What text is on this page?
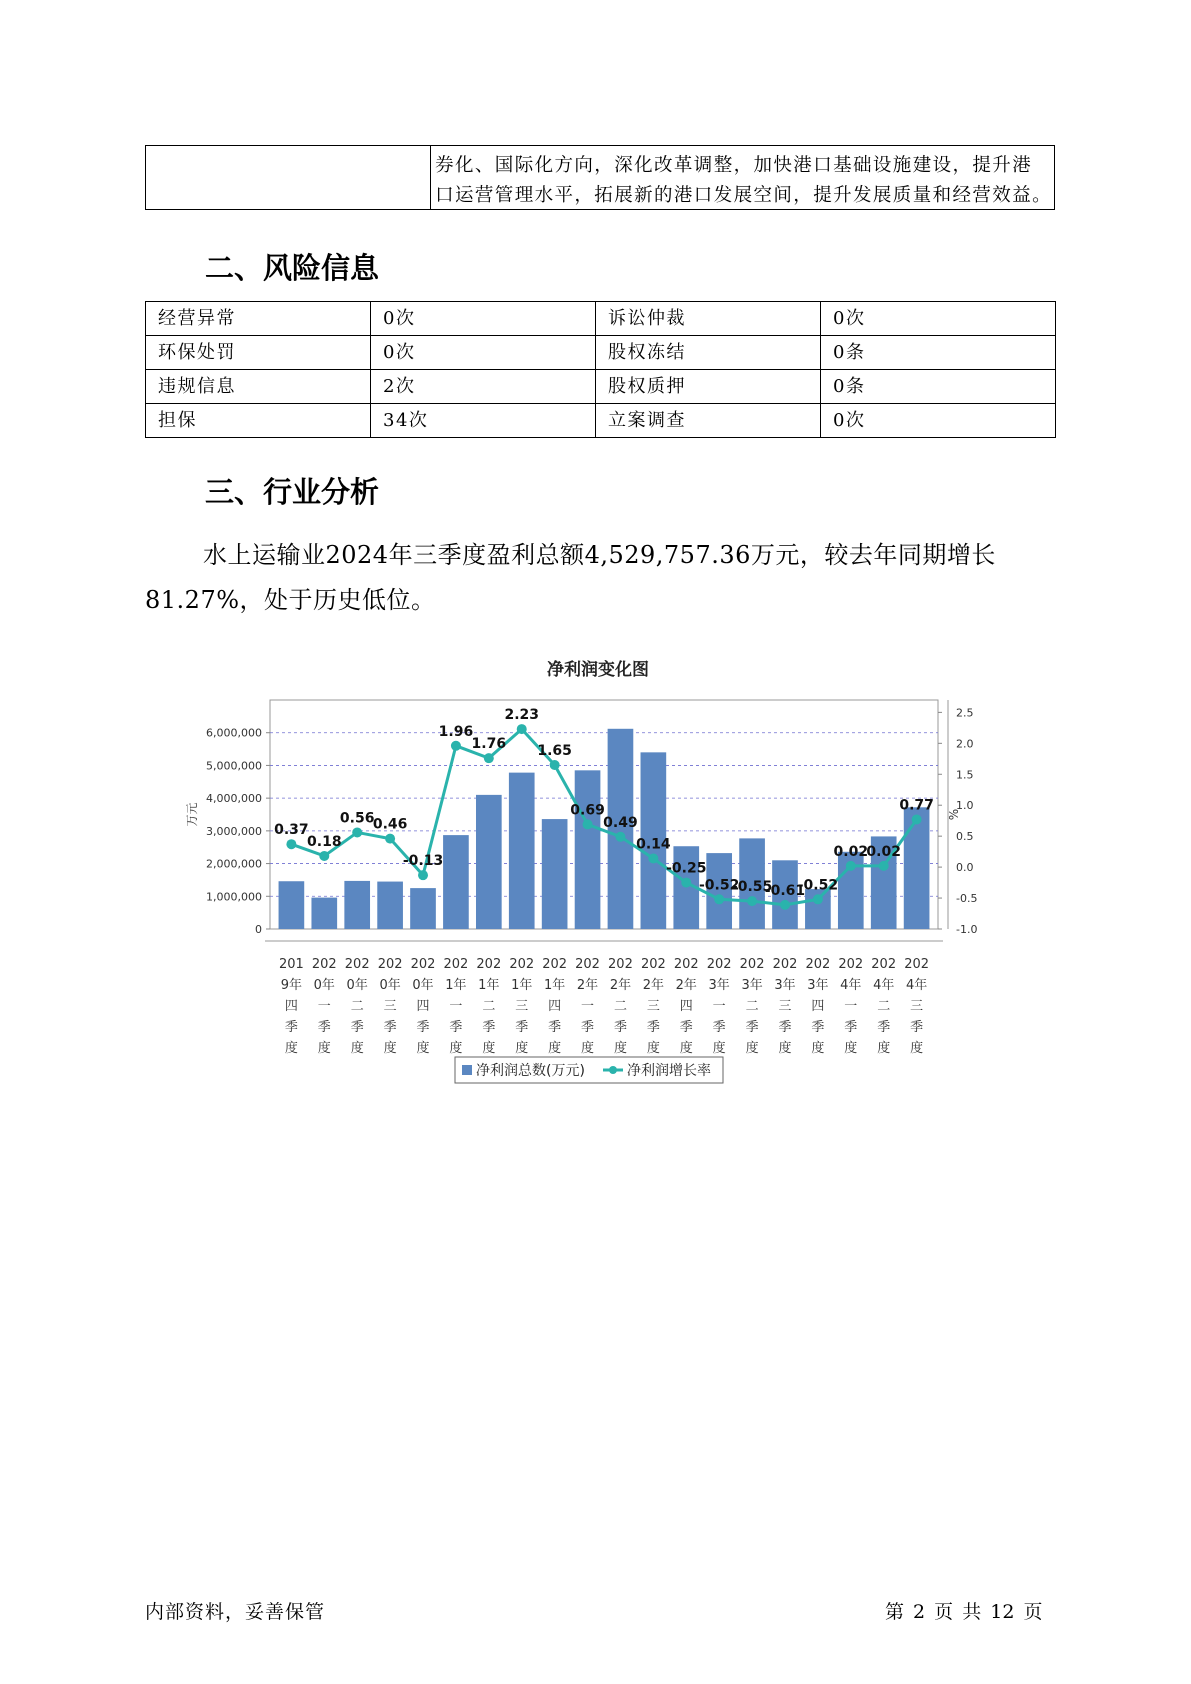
券化、国际化方向，深化改革调整，加快港口基础设施建设，提升港
口运营管理水平，拓展新的港口发展空间，提升发展质量和经营效益。
二、风险信息
经营异常	0次	诉讼仲裁	0次
环保处罚	0次	股权冻结	0条
违规信息	2次	股权质押	0条
担保	34次	立案调查	0次
三、行业分析

水上运输业2024年三季度盈利总额4,529,757.36万元，较去年同期增长81.27%，处于历史低位。

净利润变化图
0
1,000,000
2,000,000
3,000,000
4,000,000
5,000,000
6,000,000
-1.0
-0.5
0.0
0.5
1.0
1.5
2.0
2.5
万元	%
201
9年
四
季
度
202
0年
一
季
度
202
0年
二
季
度
202
0年
三
季
度
202
0年
四
季
度
202
1年
一
季
度
202
1年
二
季
度
202
1年
三
季
度
202
1年
四
季
度
202
2年
一
季
度
202
2年
二
季
度
202
2年
三
季
度
202
2年
四
季
度
202
3年
一
季
度
202
3年
二
季
度
202
3年
三
季
度
202
3年
四
季
度
202
4年
一
季
度
202
4年
二
季
度
202
4年
三
季
度
0.37
0.18
0.56
0.46
-0.13
1.96
1.76
2.23
1.65
0.69
0.49
0.14
-0.25
-0.52
-0.55
-0.61
-0.52
0.02
0.02
0.77
净利润总数(万元)	净利润增长率
内部资料，妥善保管	第 2 页 共 12 页
